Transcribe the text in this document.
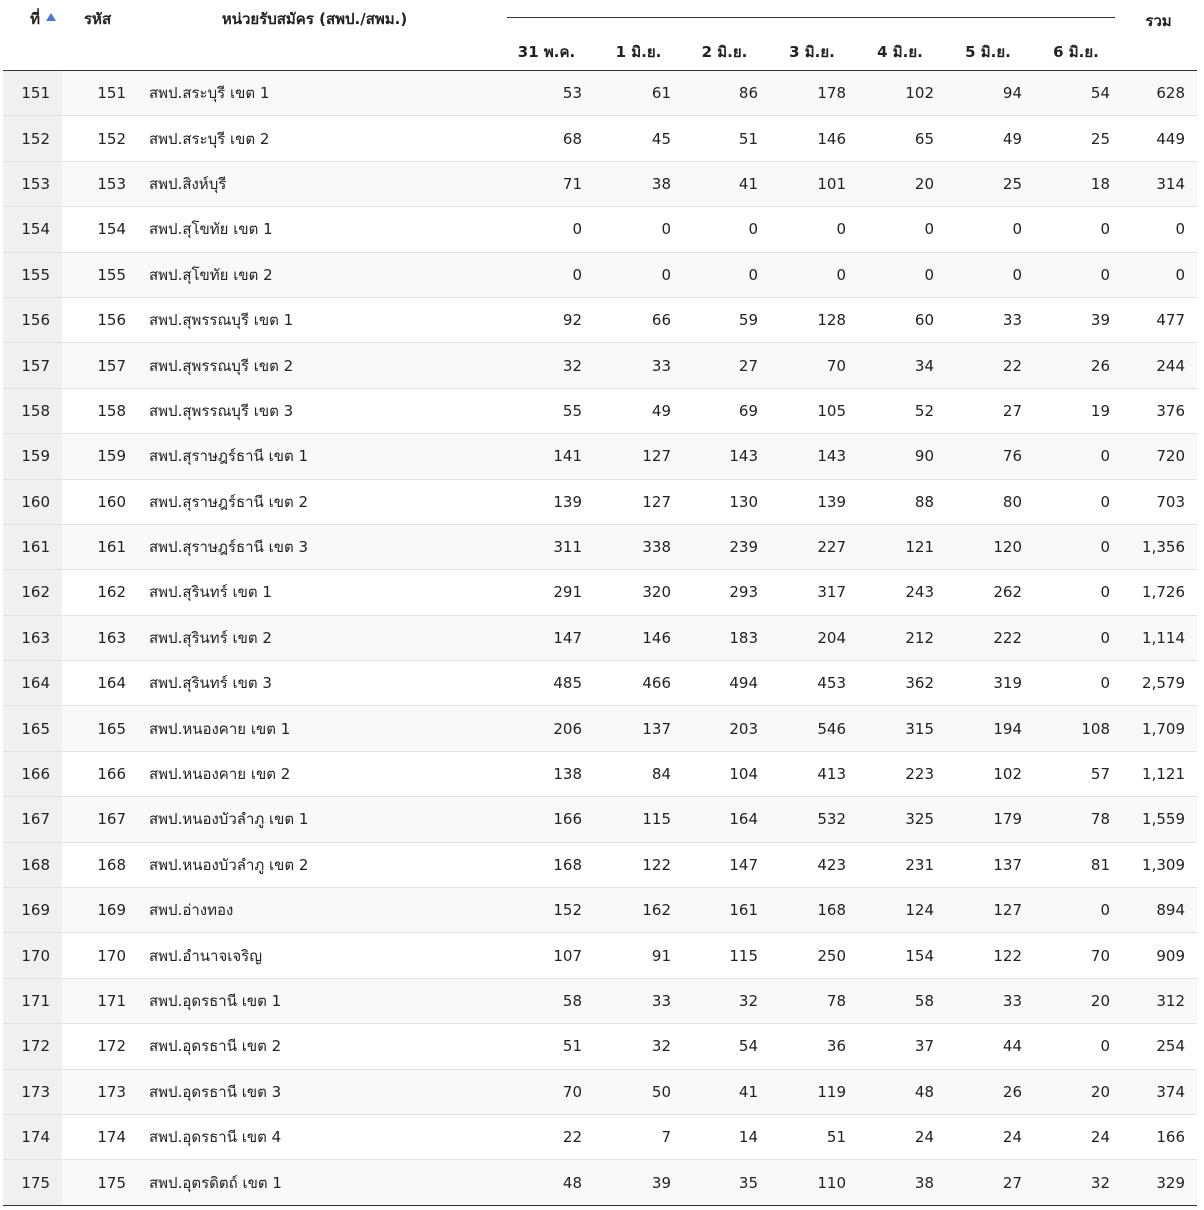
ที่	รหัส	หน่วยรับสมัคร (สพป./สพม.)								รวม
			31 พ.ค.	1 มิ.ย.	2 มิ.ย.	3 มิ.ย.	4 มิ.ย.	5 มิ.ย.	6 มิ.ย.	
151	151	สพป.สระบุรี เขต 1	53	61	86	178	102	94	54	628
152	152	สพป.สระบุรี เขต 2	68	45	51	146	65	49	25	449
153	153	สพป.สิงห์บุรี	71	38	41	101	20	25	18	314
154	154	สพป.สุโขทัย เขต 1	0	0	0	0	0	0	0	0
155	155	สพป.สุโขทัย เขต 2	0	0	0	0	0	0	0	0
156	156	สพป.สุพรรณบุรี เขต 1	92	66	59	128	60	33	39	477
157	157	สพป.สุพรรณบุรี เขต 2	32	33	27	70	34	22	26	244
158	158	สพป.สุพรรณบุรี เขต 3	55	49	69	105	52	27	19	376
159	159	สพป.สุราษฎร์ธานี เขต 1	141	127	143	143	90	76	0	720
160	160	สพป.สุราษฎร์ธานี เขต 2	139	127	130	139	88	80	0	703
161	161	สพป.สุราษฎร์ธานี เขต 3	311	338	239	227	121	120	0	1,356
162	162	สพป.สุรินทร์ เขต 1	291	320	293	317	243	262	0	1,726
163	163	สพป.สุรินทร์ เขต 2	147	146	183	204	212	222	0	1,114
164	164	สพป.สุรินทร์ เขต 3	485	466	494	453	362	319	0	2,579
165	165	สพป.หนองคาย เขต 1	206	137	203	546	315	194	108	1,709
166	166	สพป.หนองคาย เขต 2	138	84	104	413	223	102	57	1,121
167	167	สพป.หนองบัวลำภู เขต 1	166	115	164	532	325	179	78	1,559
168	168	สพป.หนองบัวลำภู เขต 2	168	122	147	423	231	137	81	1,309
169	169	สพป.อ่างทอง	152	162	161	168	124	127	0	894
170	170	สพป.อำนาจเจริญ	107	91	115	250	154	122	70	909
171	171	สพป.อุดรธานี เขต 1	58	33	32	78	58	33	20	312
172	172	สพป.อุดรธานี เขต 2	51	32	54	36	37	44	0	254
173	173	สพป.อุดรธานี เขต 3	70	50	41	119	48	26	20	374
174	174	สพป.อุดรธานี เขต 4	22	7	14	51	24	24	24	166
175	175	สพป.อุตรดิตถ์ เขต 1	48	39	35	110	38	27	32	329
